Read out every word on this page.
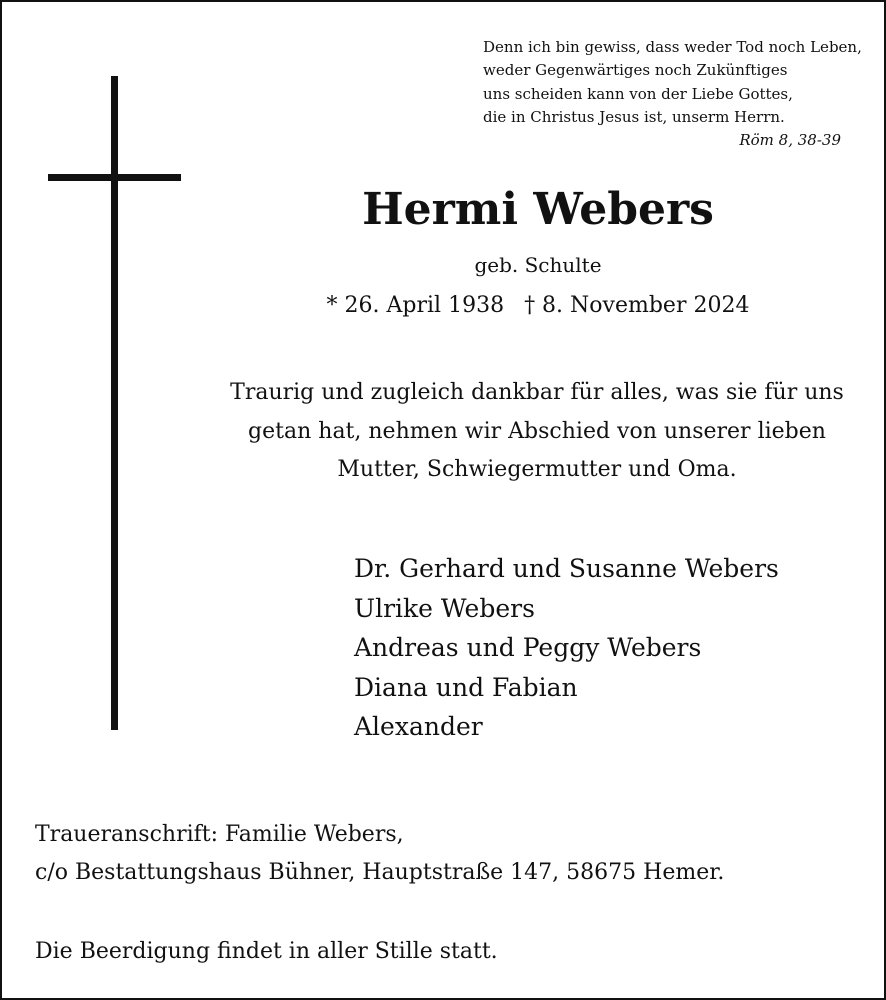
Denn ich bin gewiss, dass weder Tod noch Leben,
weder Gegenwärtiges noch Zukünftiges
uns scheiden kann von der Liebe Gottes,
die in Christus Jesus ist, unserm Herrn.
Röm 8, 38-39
Hermi Webers
geb. Schulte
* 26. April 1938 † 8. November 2024
Traurig und zugleich dankbar für alles, was sie für uns
getan hat, nehmen wir Abschied von unserer lieben
Mutter, Schwiegermutter und Oma.
Dr. Gerhard und Susanne Webers
Ulrike Webers
Andreas und Peggy Webers
Diana und Fabian
Alexander
Traueranschrift: Familie Webers,
c/o Bestattungshaus Bühner, Hauptstraße 147, 58675 Hemer.
Die Beerdigung findet in aller Stille statt.
